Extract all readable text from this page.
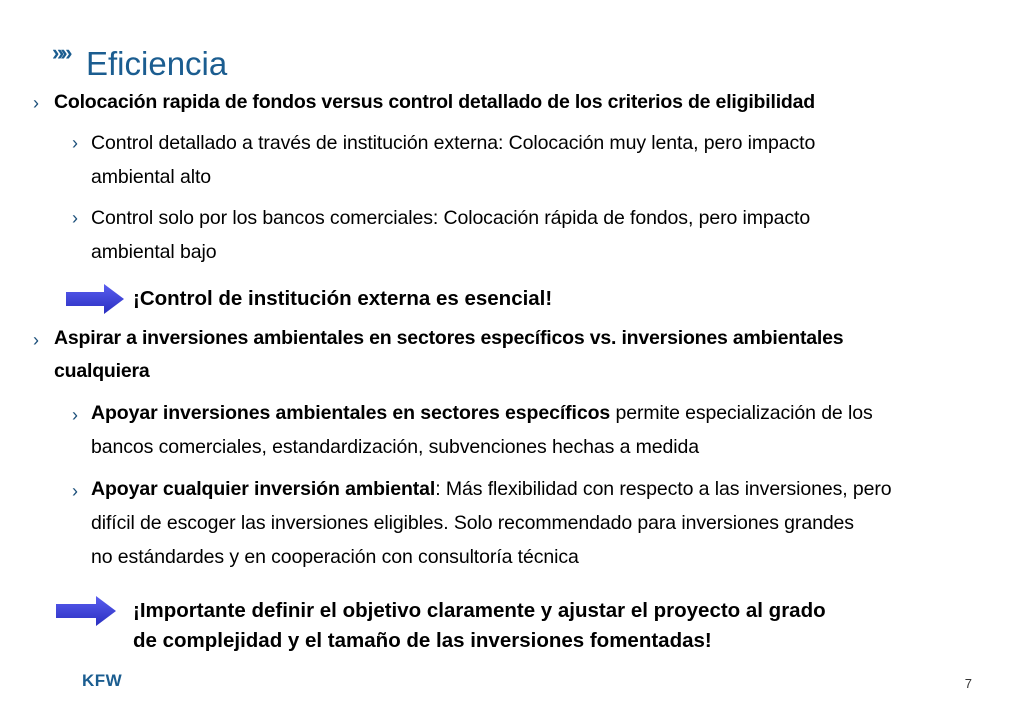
»» Eficiencia
› Colocación rapida de fondos versus control detallado de los criterios de eligibilidad
› Control detallado a través de institución externa: Colocación muy lenta, pero impacto
ambiental alto
› Control solo por los bancos comerciales: Colocación rápida de fondos, pero impacto
ambiental bajo
¡Control de institución externa es esencial!
› Aspirar a inversiones ambientales en sectores específicos vs. inversiones ambientales
cualquiera
› Apoyar inversiones ambientales en sectores específicos permite especialización de los
bancos comerciales, estandardización, subvenciones hechas a medida
› Apoyar cualquier inversión ambiental: Más flexibilidad con respecto a las inversiones, pero
difícil de escoger las inversiones eligibles. Solo recommendado para inversiones grandes
no estándardes y en cooperación con consultoría técnica
¡Importante definir el objetivo claramente y ajustar el proyecto al grado
de complejidad y el tamaño de las inversiones fomentadas!
KFW	7
